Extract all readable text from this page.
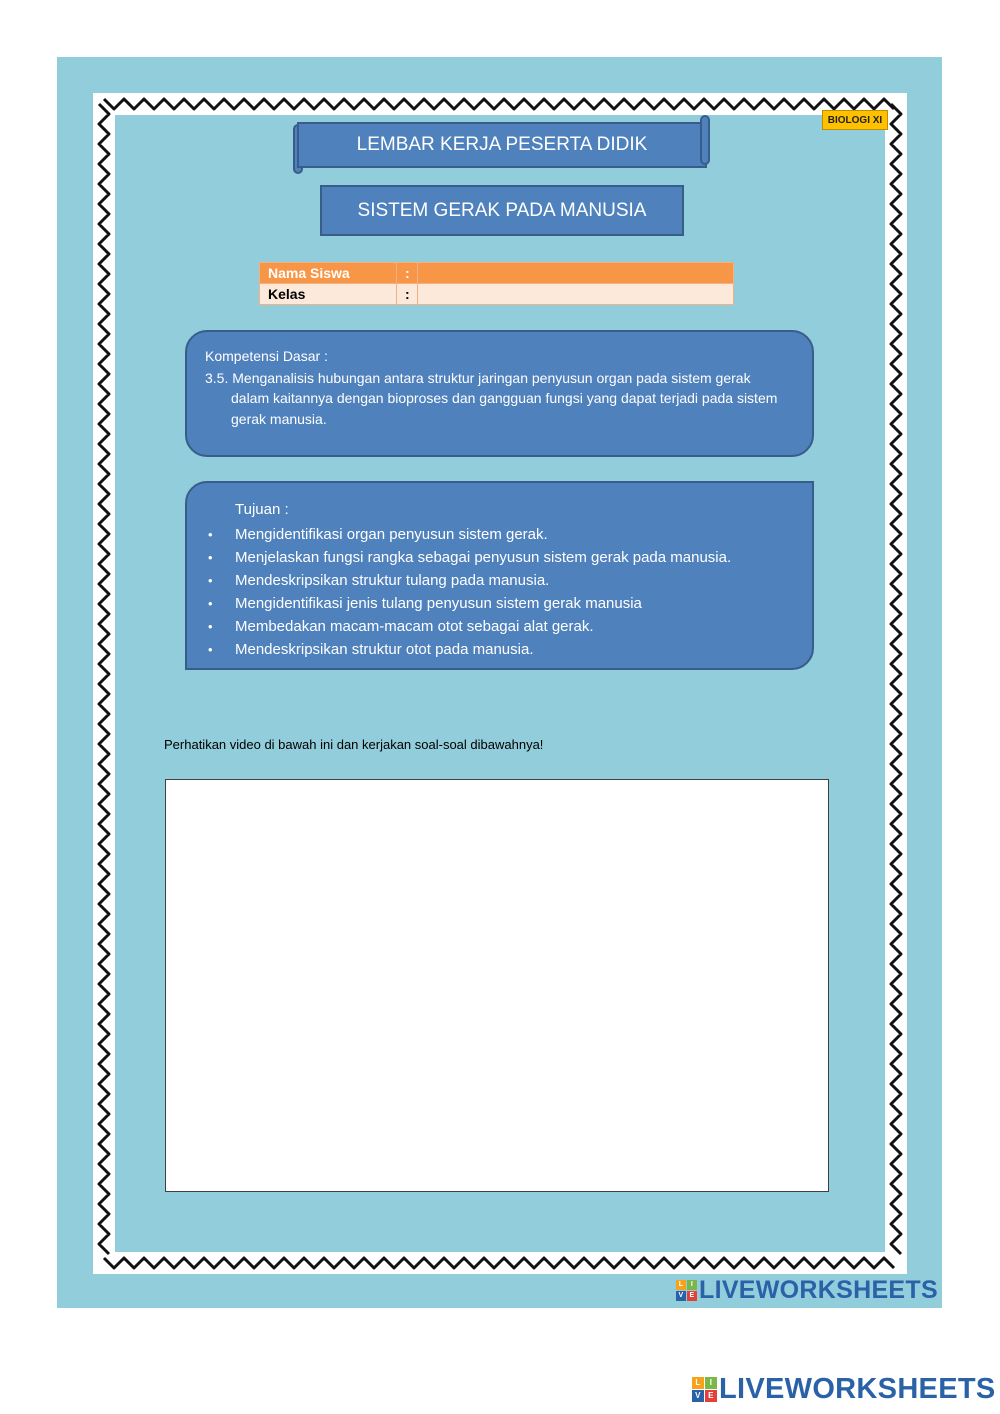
BIOLOGI XI
LEMBAR KERJA PESERTA DIDIK
SISTEM GERAK PADA MANUSIA
Nama Siswa	:	
Kelas	:	

Kompetensi Dasar :

3.5. Menganalisis hubungan antara struktur jaringan penyusun organ pada sistem gerak dalam kaitannya dengan bioproses dan gangguan fungsi yang dapat terjadi pada sistem gerak manusia.

Tujuan :

• Mengidentifikasi organ penyusun sistem gerak.
• Menjelaskan fungsi rangka sebagai penyusun sistem gerak pada manusia.
• Mendeskripsikan struktur tulang pada manusia.
• Mengidentifikasi jenis tulang penyusun sistem gerak manusia
• Membedakan macam-macam otot sebagai alat gerak.
• Mendeskripsikan struktur otot pada manusia.
Perhatikan video di bawah ini dan kerjakan soal-soal dibawahnya!
L	I
V E LIVEWORKSHEETS
L	I
V E LIVEWORKSHEETS
